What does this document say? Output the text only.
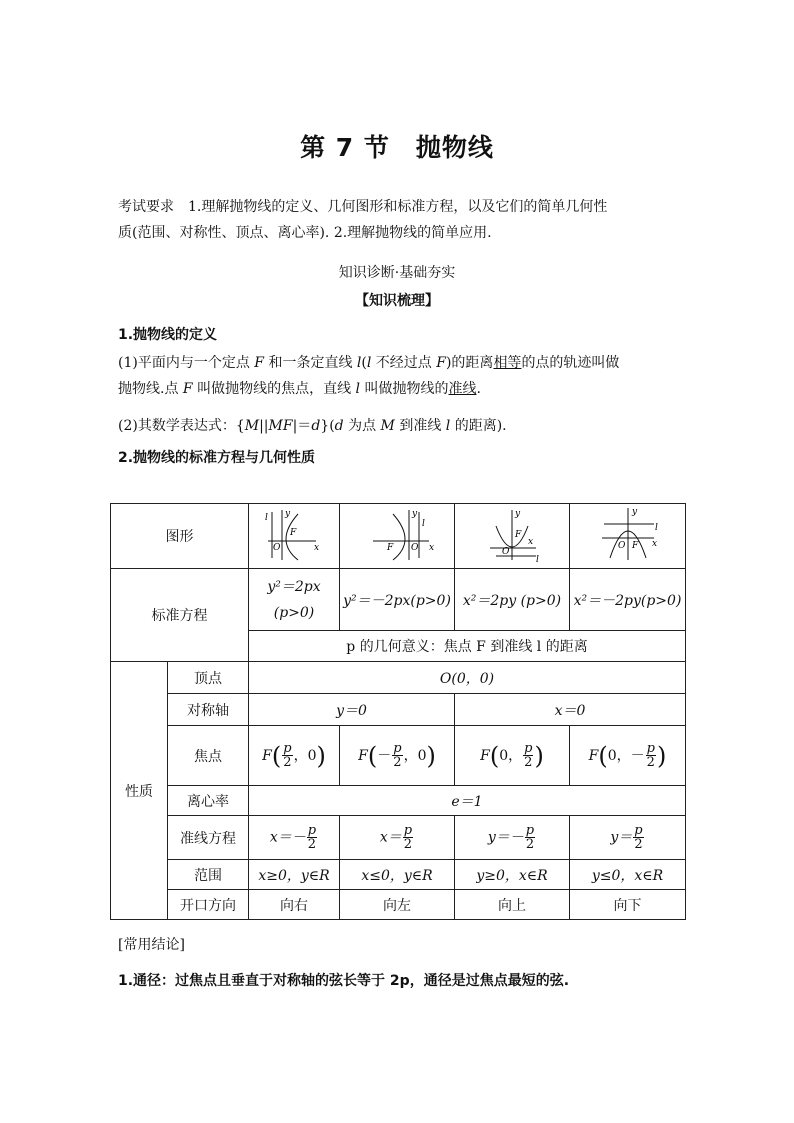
第 7 节　抛物线
考试要求　 1.理解抛物线的定义、几何图形和标准方程，以及它们的简单几何性
质(范围、对称性、顶点、离心率). 2.理解抛物线的简单应用.
知识诊断·基础夯实
【知识梳理】
1.抛物线的定义
(1)平面内与一个定点 F 和一条定直线 l(l 不经过点 F)的距离相等的点的轨迹叫做
抛物线.点 F 叫做抛物线的焦点，直线 l 叫做抛物线的准线.
(2)其数学表达式：{M||MF|＝d}(d 为点 M 到准线 l 的距离).
2.抛物线的标准方程与几何性质
图形		l y
F
O x	y
l
F O x	y
F
x
O
l	y
l
O F x

标准方程		y²＝2px
(p>0)	y²＝－2px(p>0)	x²＝2py (p>0)	x²＝－2py(p>0)
		p 的几何意义：焦点 F 到准线 l 的距离			
性质	顶点	O(0，0)			
	对称轴	y＝0		x＝0	
	焦点	$F( \frac{p}{2}$ ，0)	$F(- \frac{p}{2}$ ，0)	F(0， $\frac{p}{2}$ )	F(0，－ $\frac{p}{2}$ )
	离心率	e＝1			
	准线方程	$x=- \frac{p}{2}$	$x= \frac{p}{2}$	$y=- \frac{p}{2}$	$y= \frac{p}{2}$

	范围	x≥0，y∈R	x≤0，y∈R	y≥0，x∈R	y≤0，x∈R
	开口方向	向右	向左	向上	向下
[常用结论]
1.通径：过焦点且垂直于对称轴的弦长等于 2p，通径是过焦点最短的弦.
